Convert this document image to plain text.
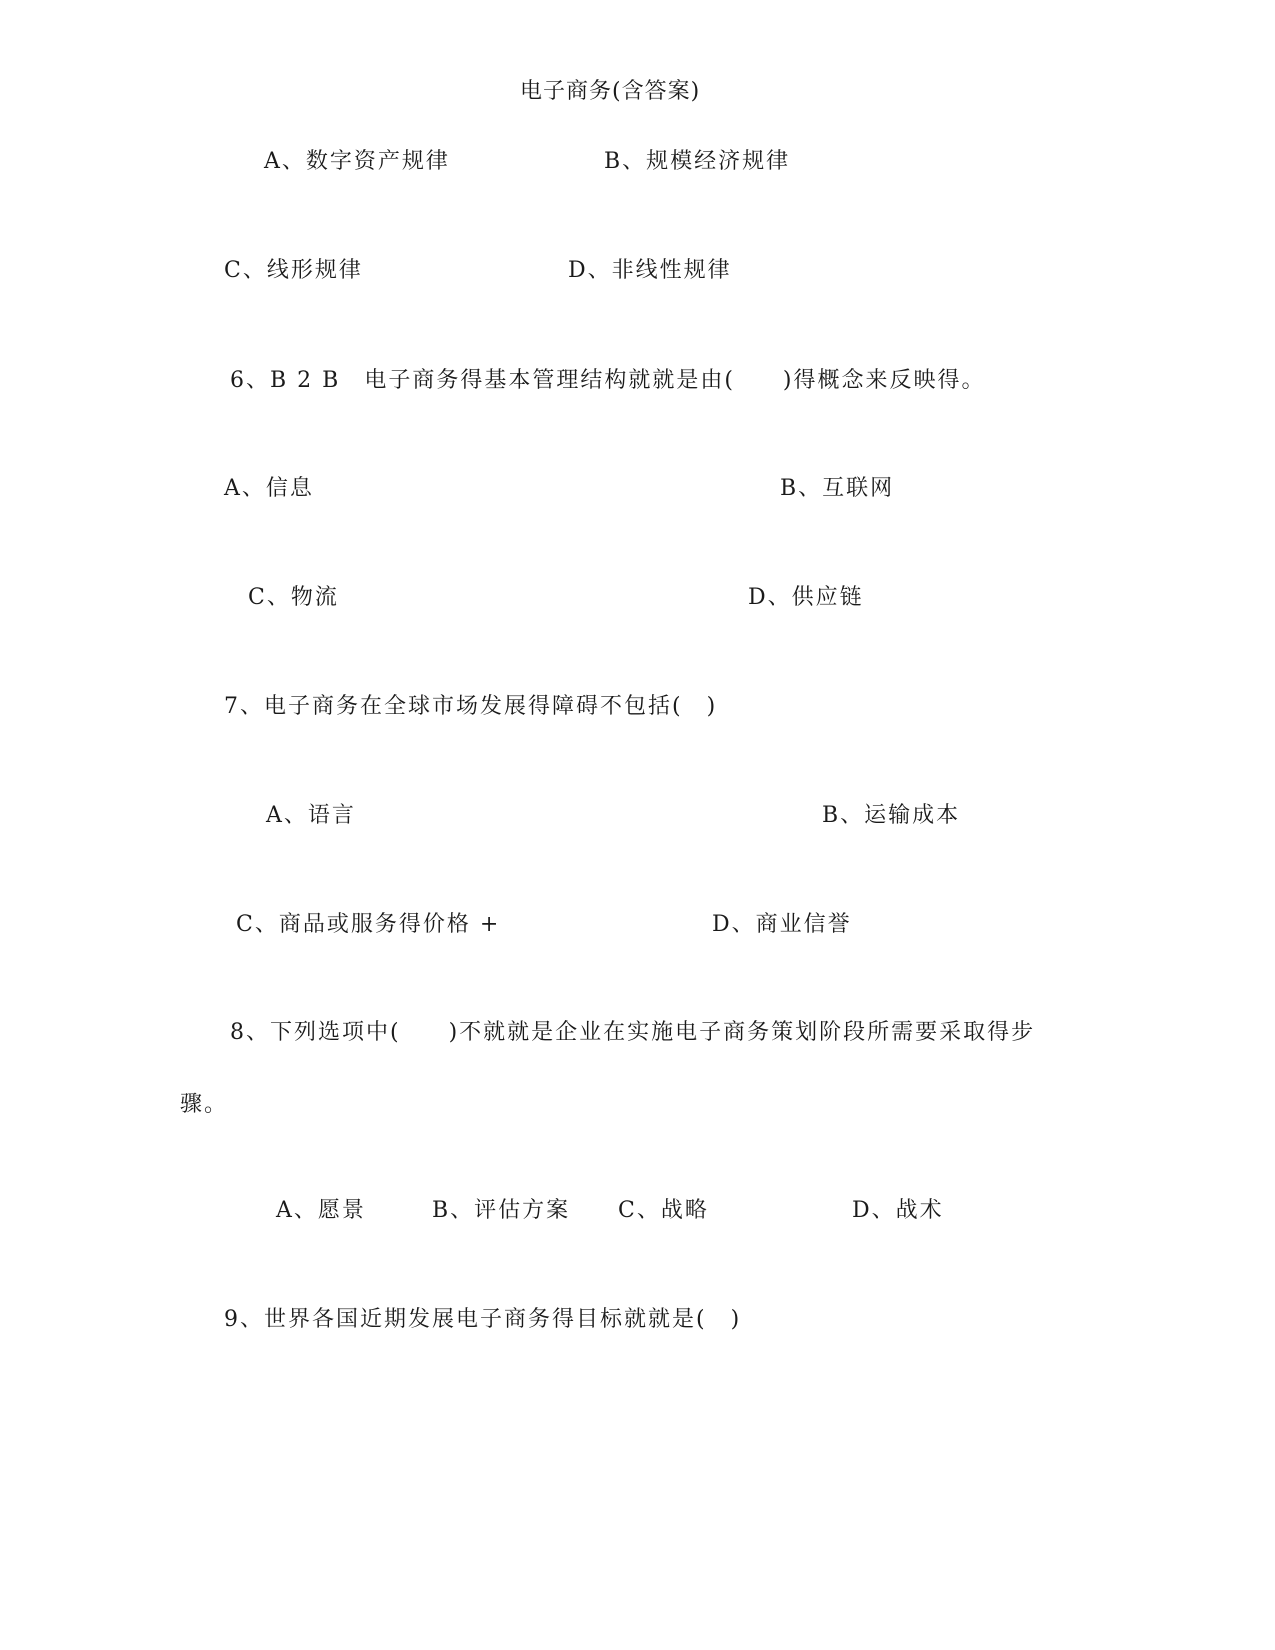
电子商务(含答案)
A、数字资产规律	B、规模经济规律
C、线形规律	D、非线性规律
6、B 2 B　电子商务得基本管理结构就就是由(　　)得概念来反映得。
A、信息	B、互联网
C、物流	D、供应链
7、电子商务在全球市场发展得障碍不包括(　)
A、语言	B、运输成本
C、商品或服务得价格 +	D、商业信誉
8、下列选项中(　　)不就就是企业在实施电子商务策划阶段所需要采取得步
骤。
A、愿景	B、评估方案 C、战略	D、战术
9、世界各国近期发展电子商务得目标就就是(　)
